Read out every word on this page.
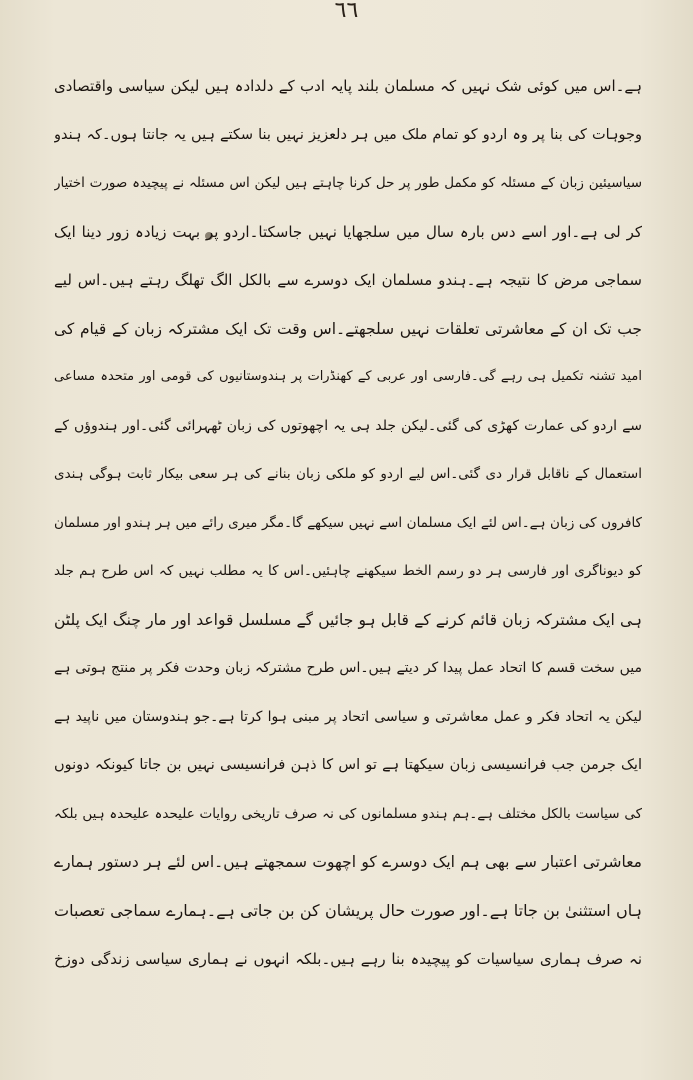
٦٦
ہے۔اس میں کوئی شک نہیں کہ مسلمان بلند پایہ ادب کے دلدادہ ہیں لیکن سیاسی واقتصادی
وجوہات کی بنا پر وہ اردو کو تمام ملک میں ہر دلعزیز نہیں بنا سکتے ہیں یہ جانتا ہوں۔کہ ہندو
سیاسیئین زبان کے مسئلہ کو مکمل طور پر حل کرنا چاہتے ہیں لیکن اس مسئلہ نے پیچیدہ صورت اختیار
کر لی ہے۔اور اسے دس بارہ سال میں سلجھایا نہیں جاسکتا۔اردو پر بہت زیادہ زور دینا ایک
سماجی مرض کا نتیجہ ہے۔ہندو مسلمان ایک دوسرے سے بالکل الگ تھلگ رہتے ہیں۔اس لیے
جب تک ان کے معاشرتی تعلقات نہیں سلجھتے۔اس وقت تک ایک مشترکہ زبان کے قیام کی
امید تشنہ تکمیل ہی رہے گی۔فارسی اور عربی کے کھنڈرات پر ہندوستانیوں کی قومی اور متحدہ مساعی
سے اردو کی عمارت کھڑی کی گئی۔لیکن جلد ہی یہ اچھوتوں کی زبان ٹھہرائی گئی۔اور ہندوؤں کے
استعمال کے ناقابل قرار دی گئی۔اس لیے اردو کو ملکی زبان بنانے کی ہر سعی بیکار ثابت ہوگی ہندی
کافروں کی زبان ہے۔اس لئے ایک مسلمان اسے نہیں سیکھے گا۔مگر میری رائے میں ہر ہندو اور مسلمان
کو دیوناگری اور فارسی ہر دو رسم الخط سیکھنے چاہئیں۔اس کا یہ مطلب نہیں کہ اس طرح ہم جلد
ہی ایک مشترکہ زبان قائم کرنے کے قابل ہو جائیں گے مسلسل قواعد اور مار چنگ ایک پلٹن
میں سخت قسم کا اتحاد عمل پیدا کر دیتے ہیں۔اس طرح مشترکہ زبان وحدت فکر پر منتج ہوتی ہے
لیکن یہ اتحاد فکر و عمل معاشرتی و سیاسی اتحاد پر مبنی ہوا کرتا ہے۔جو ہندوستان میں ناپید ہے
ایک جرمن جب فرانسیسی زبان سیکھتا ہے تو اس کا ذہن فرانسیسی نہیں بن جاتا کیونکہ دونوں
کی سیاست بالکل مختلف ہے۔ہم ہندو مسلمانوں کی نہ صرف تاریخی روایات علیحدہ علیحدہ ہیں بلکہ
معاشرتی اعتبار سے بھی ہم ایک دوسرے کو اچھوت سمجھتے ہیں۔اس لئے ہر دستور ہمارے
ہاں استثنیٰ بن جاتا ہے۔اور صورت حال پریشان کن بن جاتی ہے۔ہمارے سماجی تعصبات
نہ صرف ہماری سیاسیات کو پیچیدہ بنا رہے ہیں۔بلکہ انہوں نے ہماری سیاسی زندگی دوزخ
